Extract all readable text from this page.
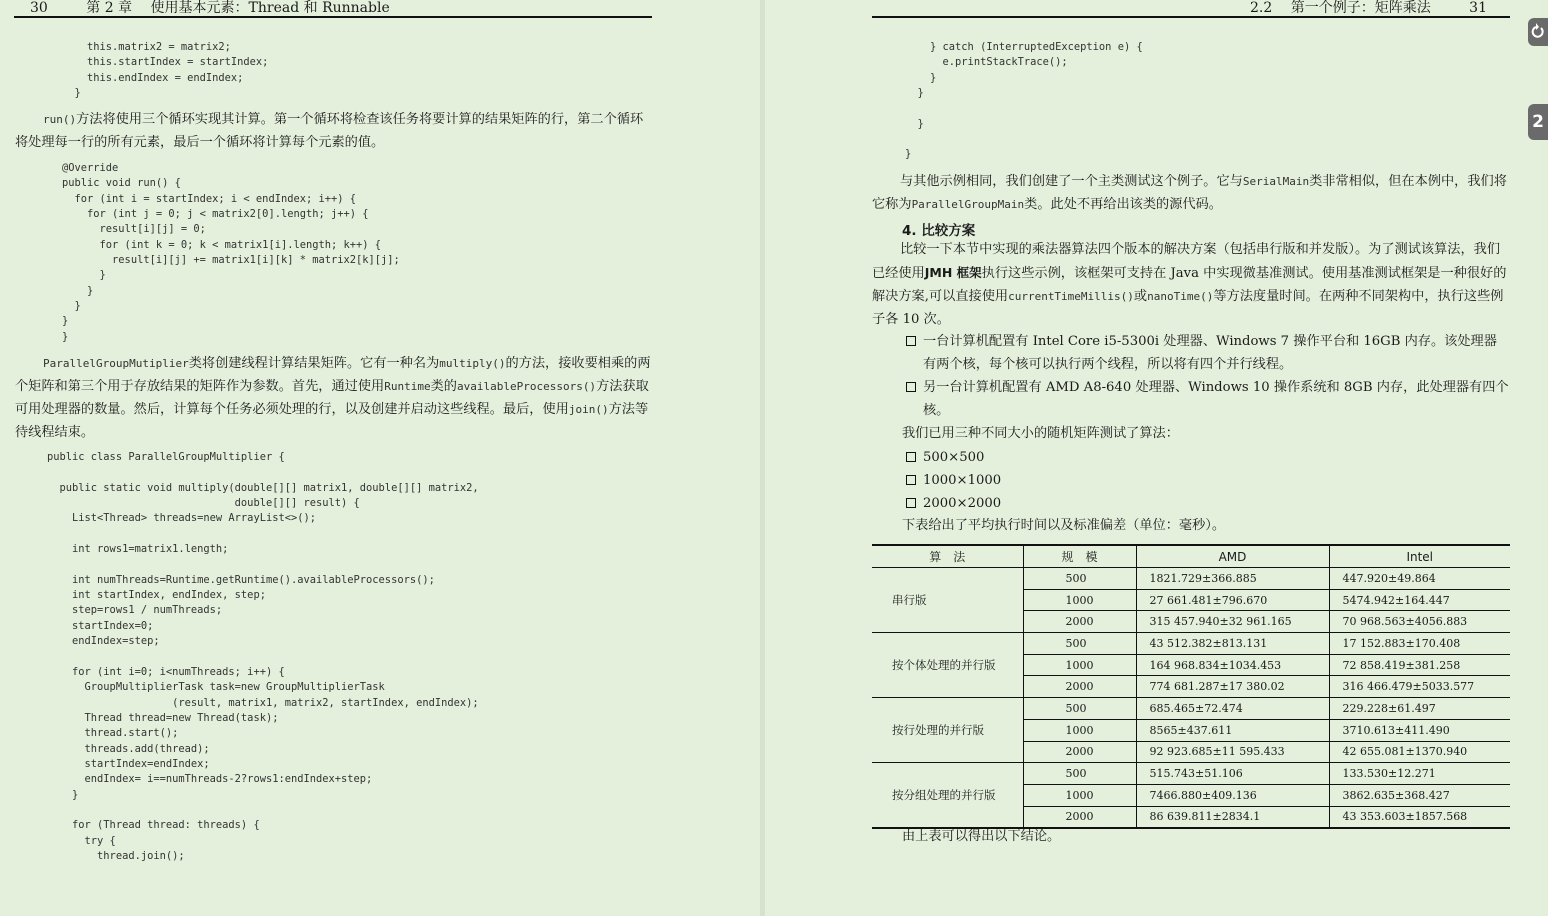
30	第 2 章 使用基本元素：Thread 和 Runnable
this.matrix2 = matrix2;
this.startIndex = startIndex;
this.endIndex = endIndex;
}

run()方法将使用三个循环实现其计算。第一个循环将检查该任务将要计算的结果矩阵的行，第二个循环将处理每一行的所有元素，最后一个循环将计算每个元素的值。

@Override
public void run() {
for (int i = startIndex; i < endIndex; i++) {
for (int j = 0; j < matrix2[0].length; j++) {
result[i][j] = 0;
for (int k = 0; k < matrix1[i].length; k++) {
result[i][j] += matrix1[i][k] * matrix2[k][j];
}
}
}
}
}

ParallelGroupMutiplier类将创建线程计算结果矩阵。它有一种名为multiply()的方法，接收要相乘的两个矩阵和第三个用于存放结果的矩阵作为参数。首先，通过使用Runtime类的availableProcessors()方法获取可用处理器的数量。然后，计算每个任务必须处理的行，以及创建并启动这些线程。最后，使用join()方法等待线程结束。

public class ParallelGroupMultiplier {

public static void multiply(double[][] matrix1, double[][] matrix2,
double[][] result) {
List<Thread> threads=new ArrayList<>();

int rows1=matrix1.length;

int numThreads=Runtime.getRuntime().availableProcessors();
int startIndex, endIndex, step;
step=rows1 / numThreads;
startIndex=0;
endIndex=step;

for (int i=0; i<numThreads; i++) {
GroupMultiplierTask task=new GroupMultiplierTask
(result, matrix1, matrix2, startIndex, endIndex);
Thread thread=new Thread(task);
thread.start();
threads.add(thread);
startIndex=endIndex;
endIndex= i==numThreads-2?rows1:endIndex+step;
}

for (Thread thread: threads) {
try {
thread.join();
2.2 第一个例子：矩阵乘法	31
} catch (InterruptedException e) {
e.printStackTrace();
}
}

}

}

与其他示例相同，我们创建了一个主类测试这个例子。它与SerialMain类非常相似，但在本例中，我们将它称为ParallelGroupMain类。此处不再给出该类的源代码。

4. 比较方案

比较一下本节中实现的乘法器算法四个版本的解决方案（包括串行版和并发版）。为了测试该算法，我们已经使用JMH 框架执行这些示例，该框架可支持在 Java 中实现微基准测试。使用基准测试框架是一种很好的解决方案,可以直接使用currentTimeMillis()或nanoTime()等方法度量时间。在两种不同架构中，执行这些例子各 10 次。

一台计算机配置有 Intel Core i5-5300i 处理器、Windows 7 操作平台和 16GB 内存。该处理器有两个核，每个核可以执行两个线程，所以将有四个并行线程。
另一台计算机配置有 AMD A8-640 处理器、Windows 10 操作系统和 8GB 内存，此处理器有四个核。

我们已用三种不同大小的随机矩阵测试了算法：

500×500
1000×1000
2000×2000

下表给出了平均执行时间以及标准偏差（单位：毫秒）。

算　法	规　模	AMD	Intel
串行版	500	1821.729±366.885	447.920±49.864
	1000	27 661.481±796.670	5474.942±164.447
	2000	315 457.940±32 961.165	70 968.563±4056.883
按个体处理的并行版	500	43 512.382±813.131	17 152.883±170.408
	1000	164 968.834±1034.453	72 858.419±381.258
	2000	774 681.287±17 380.02	316 466.479±5033.577
按行处理的并行版	500	685.465±72.474	229.228±61.497
	1000	8565±437.611	3710.613±411.490
	2000	92 923.685±11 595.433	42 655.081±1370.940
按分组处理的并行版	500	515.743±51.106	133.530±12.271
	1000	7466.880±409.136	3862.635±368.427
	2000	86 639.811±2834.1	43 353.603±1857.568

由上表可以得出以下结论。

2
